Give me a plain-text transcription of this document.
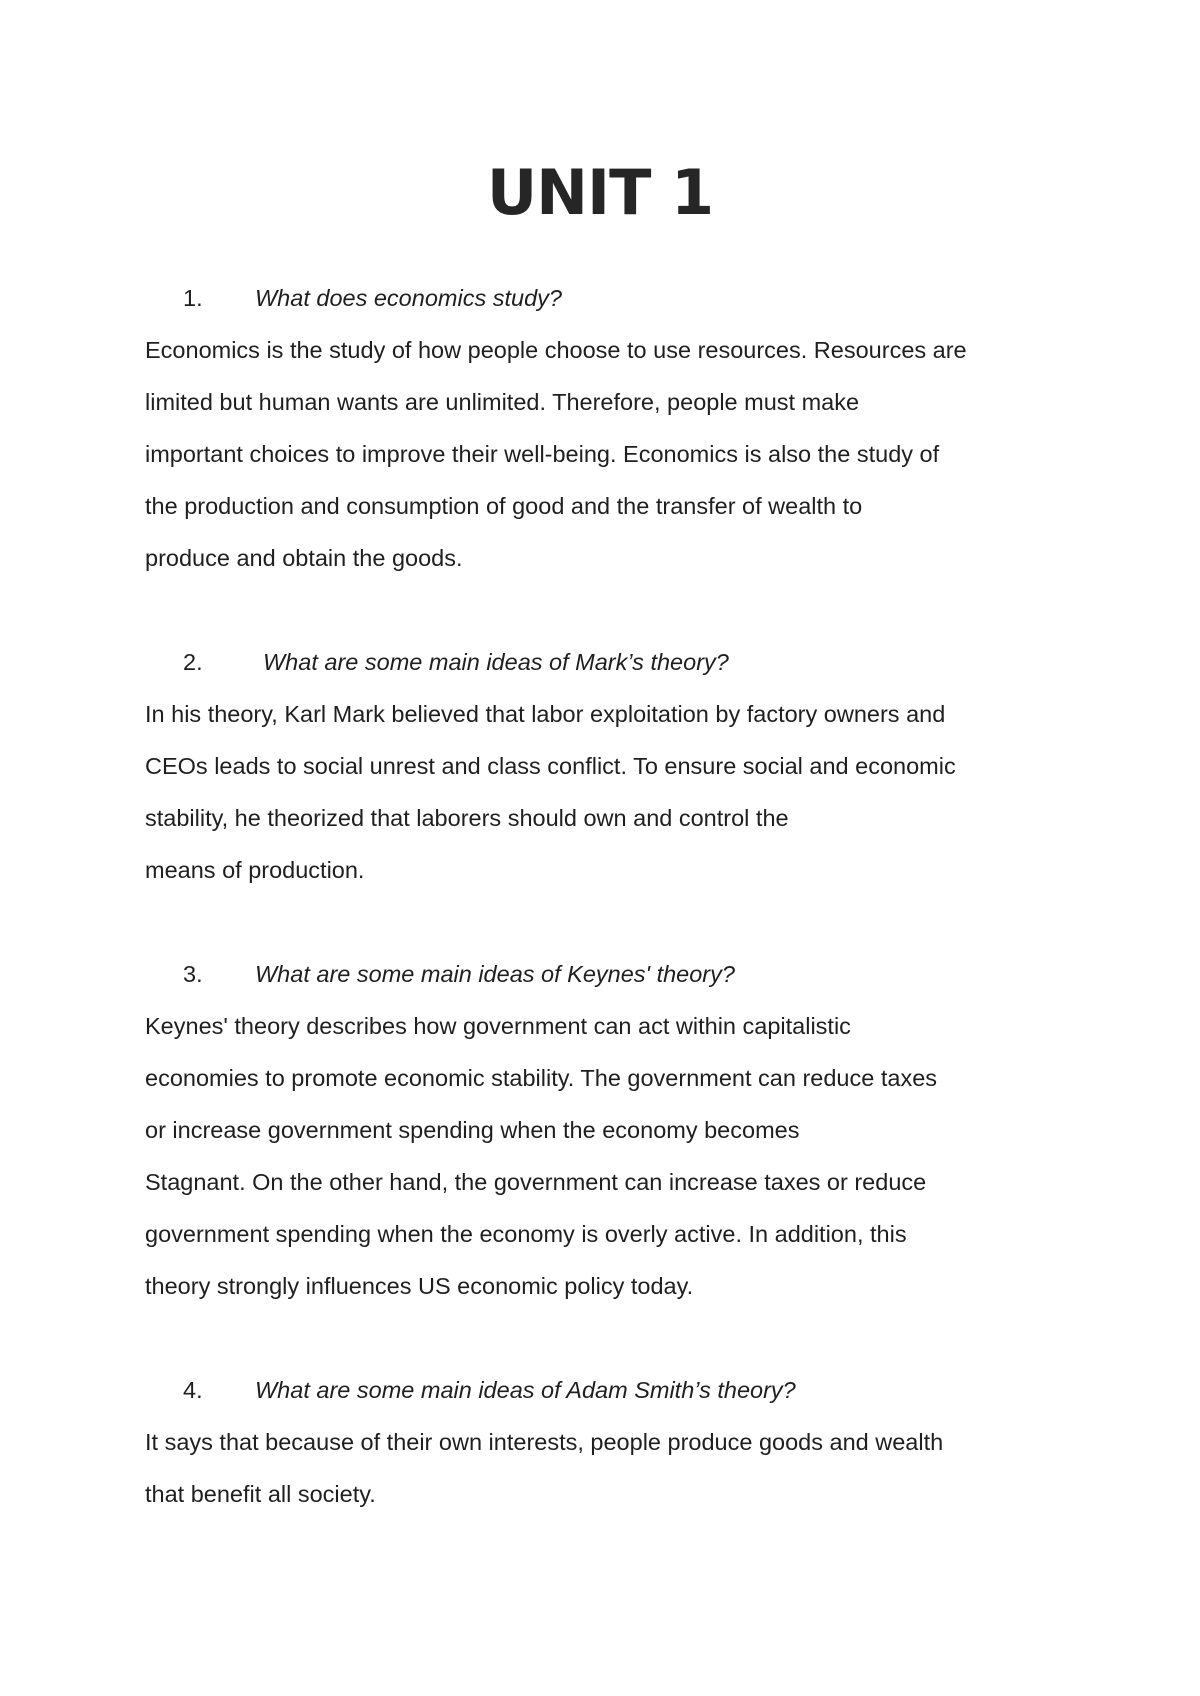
UNIT 1
1. What does economics study?
Economics is the study of how people choose to use resources. Resources are
limited but human wants are unlimited. Therefore, people must make
important choices to improve their well-being. Economics is also the study of
the production and consumption of good and the transfer of wealth to
produce and obtain the goods.
2.	What are some main ideas of Mark’s theory?
In his theory, Karl Mark believed that labor exploitation by factory owners and
CEOs leads to social unrest and class conflict. To ensure social and economic
stability, he theorized that laborers should own and control the
means of production.
3. What are some main ideas of Keynes' theory?
Keynes' theory describes how government can act within capitalistic
economies to promote economic stability. The government can reduce taxes
or increase government spending when the economy becomes
Stagnant. On the other hand, the government can increase taxes or reduce
government spending when the economy is overly active. In addition, this
theory strongly influences US economic policy today.
4. What are some main ideas of Adam Smith’s theory?
It says that because of their own interests, people produce goods and wealth
that benefit all society.
